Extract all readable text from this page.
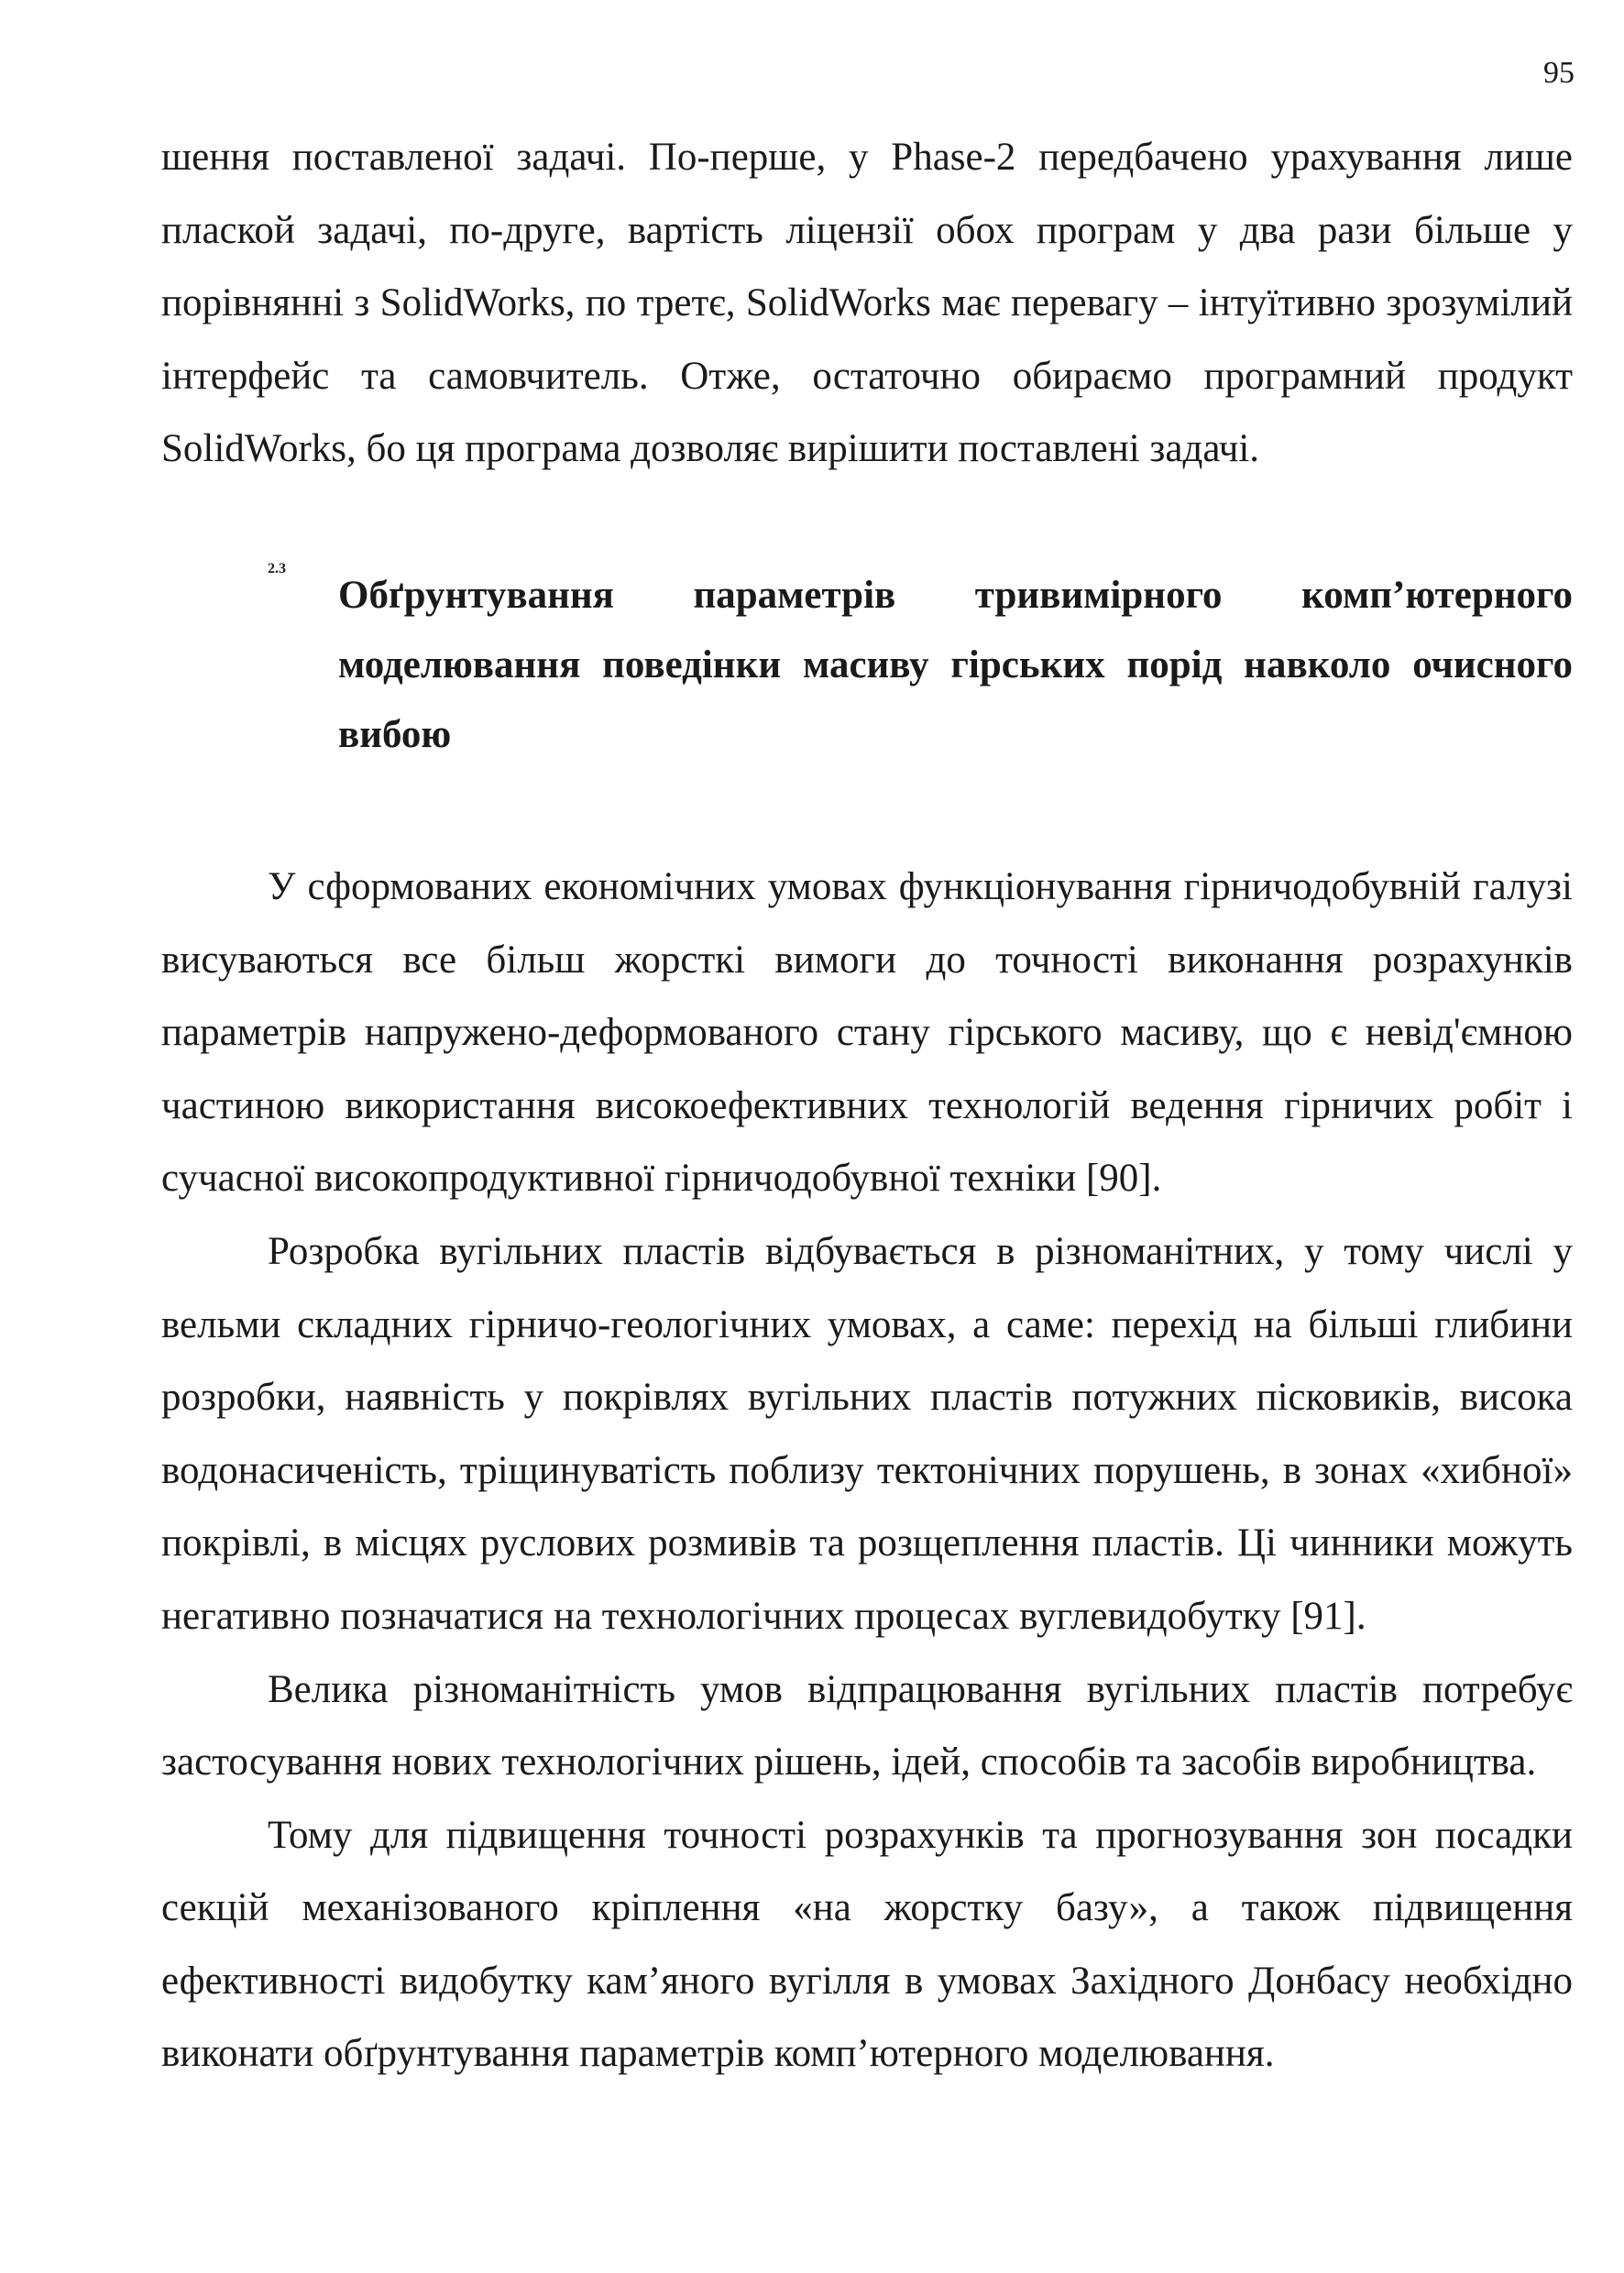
95

шення поставленої задачі. По-перше, у Phase-2 передбачено урахування лише плаской задачі, по-друге, вартість ліцензії обох програм у два рази більше у порівнянні з SolidWorks, по третє, SolidWorks має перевагу – інтуїтивно зрозумілий інтерфейс та самовчитель. Отже, остаточно обираємо програмний продукт SolidWorks, бо ця програма дозволяє вирішити поставлені задачі.

2.3
Обґрунтування параметрів тривимірного комп’ютерного моделювання поведінки масиву гірських порід навколо очисного вибою

У сформованих економічних умовах функціонування гірничодобувній галузі висуваються все більш жорсткі вимоги до точності виконання розрахунків параметрів напружено-деформованого стану гірського масиву, що є невід'ємною частиною використання високоефективних технологій ведення гірничих робіт і сучасної високопродуктивної гірничодобувної техніки [90].

Розробка вугільних пластів відбувається в різноманітних, у тому числі у вельми складних гірничо-геологічних умовах, а саме: перехід на більші глибини розробки, наявність у покрівлях вугільних пластів потужних пісковиків, висока водонасиченість, тріщинуватість поблизу тектонічних порушень, в зонах «хибної» покрівлі, в місцях руслових розмивів та розщеплення пластів. Ці чинники можуть негативно позначатися на технологічних процесах вуглевидобутку [91].

Велика різноманітність умов відпрацювання вугільних пластів потребує застосування нових технологічних рішень, ідей, способів та засобів виробництва.

Тому для підвищення точності розрахунків та прогнозування зон посадки секцій механізованого кріплення «на жорстку базу», а також підвищення ефективності видобутку кам’яного вугілля в умовах Західного Донбасу необхідно виконати обґрунтування параметрів комп’ютерного моделювання.
